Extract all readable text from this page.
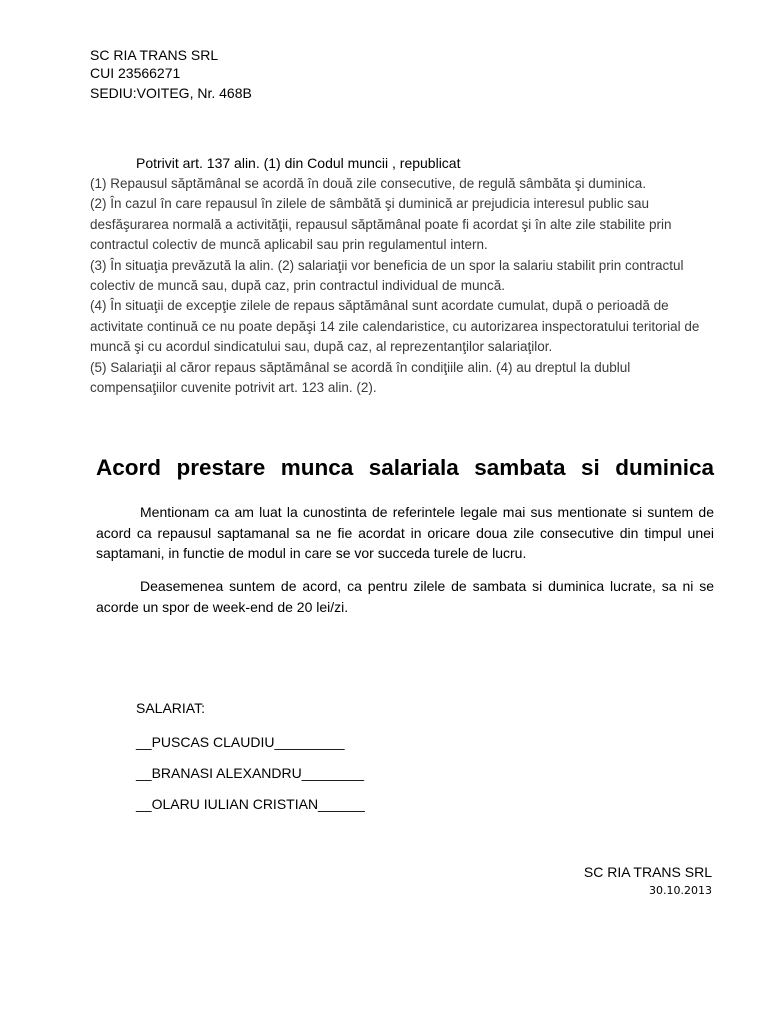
SC RIA TRANS SRL
CUI 23566271
SEDIU:VOITEG, Nr. 468B
Potrivit art. 137 alin. (1) din Codul muncii , republicat

(1) Repausul săptămânal se acordă în două zile consecutive, de regulă sâmbăta şi duminica.

(2) În cazul în care repausul în zilele de sâmbătă şi duminică ar prejudicia interesul public sau desfăşurarea normală a activităţii, repausul săptămânal poate fi acordat şi în alte zile stabilite prin contractul colectiv de muncă aplicabil sau prin regulamentul intern.

(3) În situaţia prevăzută la alin. (2) salariaţii vor beneficia de un spor la salariu stabilit prin contractul colectiv de muncă sau, după caz, prin contractul individual de muncă.

(4) În situaţii de excepţie zilele de repaus săptămânal sunt acordate cumulat, după o perioadă de activitate continuă ce nu poate depăşi 14 zile calendaristice, cu autorizarea inspectoratului teritorial de muncă şi cu acordul sindicatului sau, după caz, al reprezentanţilor salariaţilor.

(5) Salariaţii al căror repaus săptămânal se acordă în condiţiile alin. (4) au dreptul la dublul compensaţiilor cuvenite potrivit art. 123 alin. (2).

Acord prestare munca salariala sambata si duminica
Mentionam ca am luat la cunostinta de referintele legale mai sus mentionate si suntem de acord ca repausul saptamanal sa ne fie acordat in oricare doua zile consecutive din timpul unei saptamani, in functie de modul in care se vor succeda turele de lucru.
Deasemenea suntem de acord, ca pentru zilele de sambata si duminica lucrate, sa ni se acorde un spor de week-end de 20 lei/zi.
SALARIAT:
__PUSCAS CLAUDIU_________
__BRANASI ALEXANDRU________
__OLARU IULIAN CRISTIAN______
SC RIA TRANS SRL
30.10.2013
